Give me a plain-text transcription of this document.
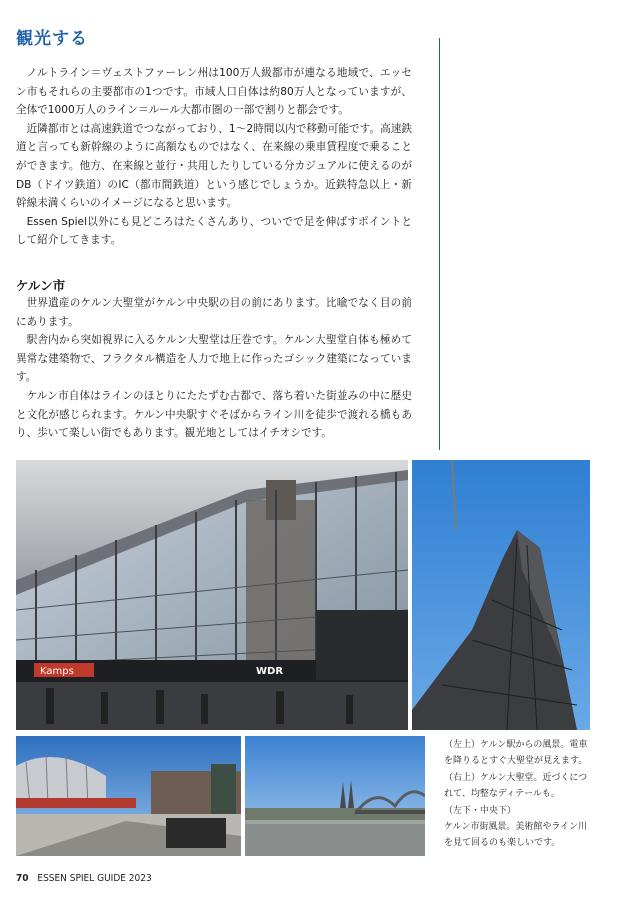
観光する

ノルトライン＝ヴェストファーレン州は100万人級都市が連なる地域で、エッセン市もそれらの主要都市の1つです。市域人口自体は約80万人となっていますが、全体で1000万人のライン＝ルール大都市圏の一部で割りと都会です。

近隣都市とは高速鉄道でつながっており、1〜2時間以内で移動可能です。高速鉄道と言っても新幹線のように高額なものではなく、在来線の乗車賃程度で乗ることができます。他方、在来線と並行・共用したりしている分カジュアルに使えるのがDB（ドイツ鉄道）のIC（都市間鉄道）という感じでしょうか。近鉄特急以上・新幹線未満くらいのイメージになると思います。

Essen Spiel以外にも見どころはたくさんあり、ついでで足を伸ばすポイントとして紹介してきます。

ケルン市

世界遺産のケルン大聖堂がケルン中央駅の目の前にあります。比喩でなく目の前にあります。

駅舎内から突如視界に入るケルン大聖堂は圧巻です。ケルン大聖堂自体も極めて異常な建築物で、フラクタル構造を人力で地上に作ったゴシック建築になっています。

ケルン市自体はラインのほとりにたたずむ古都で、落ち着いた街並みの中に歴史と文化が感じられます。ケルン中央駅すぐそばからライン川を徒歩で渡れる橋もあり、歩いて楽しい街でもあります。観光地としてはイチオシです。

Kamps	WDR
（左上）ケルン駅からの風景。電車
を降りるとすぐ大聖堂が見えます。
（右上）ケルン大聖堂。近づくにつ
れて、均整なディテールも。
（左下・中央下）
ケルン市街風景。美術館やライン川
を見て回るのも楽しいです。
70 ESSEN SPIEL GUIDE 2023
